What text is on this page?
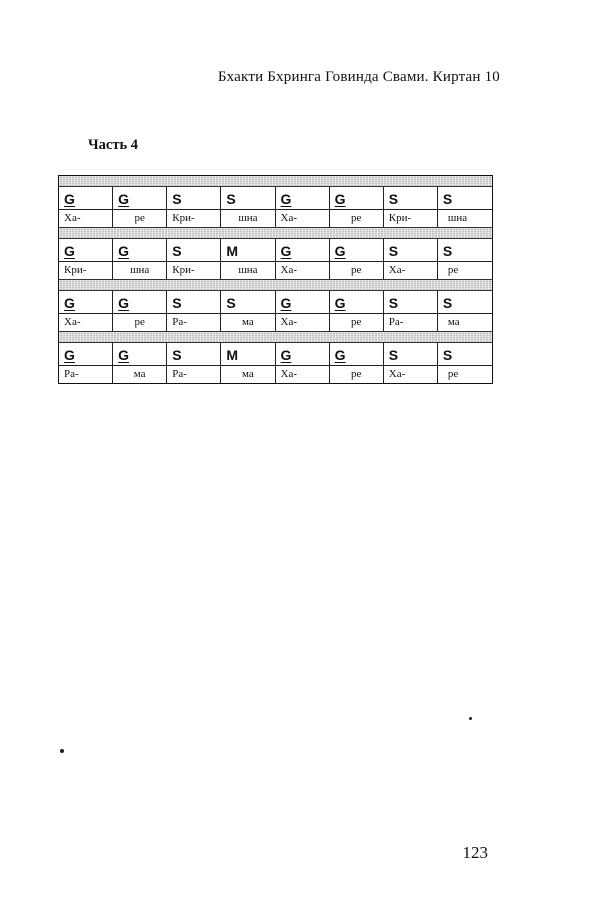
Бхакти Бхринга Говинда Свами. Киртан 10
Часть 4
G	G	S	S	G	G	S	S
Ха-	ре	Кри-	шна	Ха-	ре	Кри-	шна
G	G	S	M	G	G	S	S
Кри-	шна	Кри-	шна	Ха-	ре	Ха-	ре
G	G	S	S	G	G	S	S
Ха-	ре	Ра-	ма	Ха-	ре	Ра-	ма
G	G	S	M	G	G	S	S
Ра-	ма	Ра-	ма	Ха-	ре	Ха-	ре
123
